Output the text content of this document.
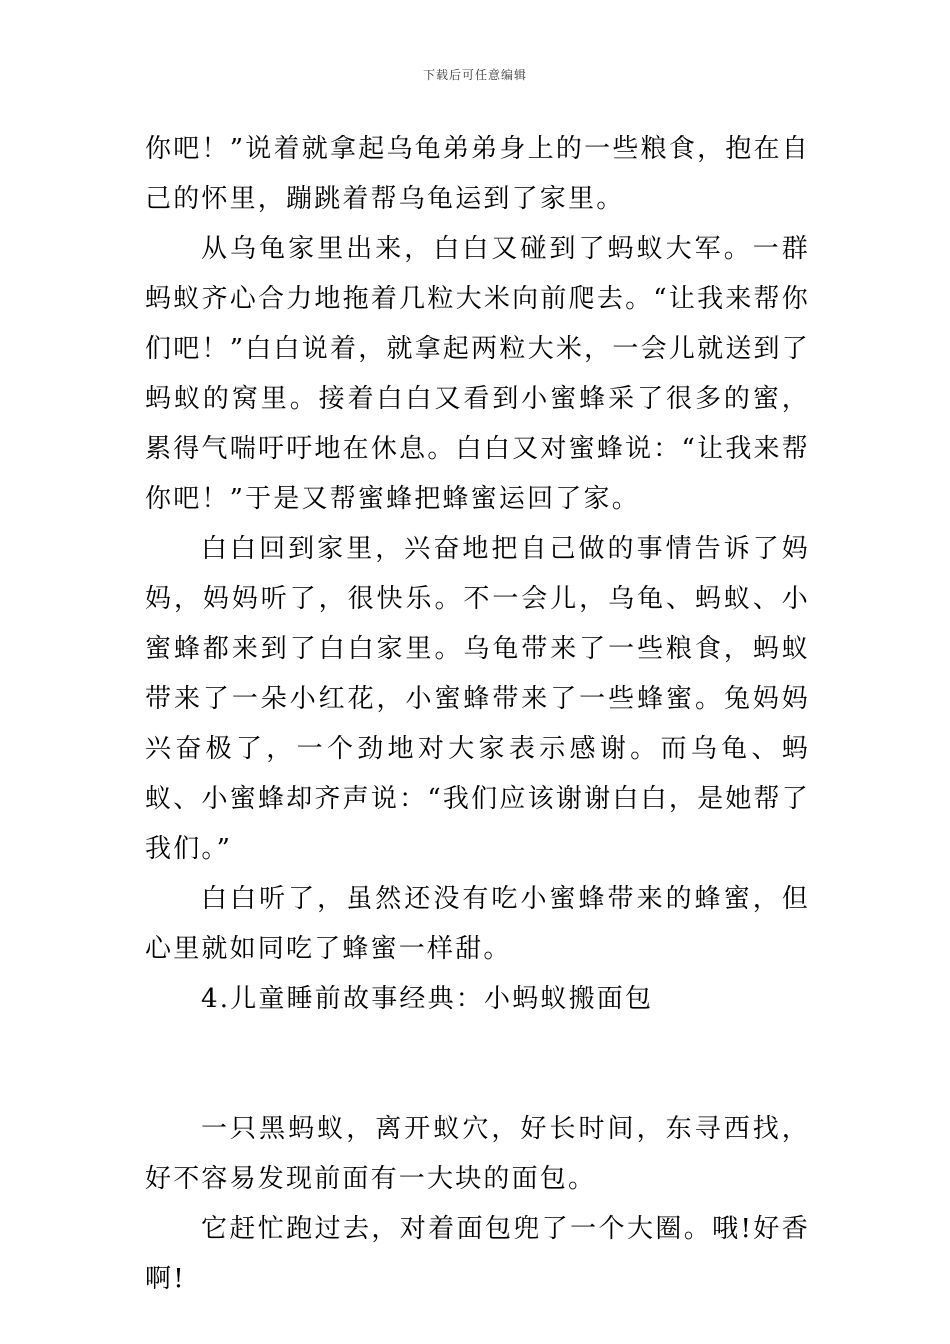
下载后可任意编辑

你吧！”说着就拿起乌龟弟弟身上的一些粮食，抱在自己的怀里，蹦跳着帮乌龟运到了家里。

从乌龟家里出来，白白又碰到了蚂蚁大军。一群蚂蚁齐心合力地拖着几粒大米向前爬去。“让我来帮你们吧！”白白说着，就拿起两粒大米，一会儿就送到了蚂蚁的窝里。接着白白又看到小蜜蜂采了很多的蜜，累得气喘吁吁地在休息。白白又对蜜蜂说：“让我来帮你吧！”于是又帮蜜蜂把蜂蜜运回了家。

白白回到家里，兴奋地把自己做的事情告诉了妈妈，妈妈听了，很快乐。不一会儿，乌龟、蚂蚁、小蜜蜂都来到了白白家里。乌龟带来了一些粮食，蚂蚁带来了一朵小红花，小蜜蜂带来了一些蜂蜜。兔妈妈兴奋极了，一个劲地对大家表示感谢。而乌龟、蚂蚁、小蜜蜂却齐声说：“我们应该谢谢白白，是她帮了我们。”

白白听了，虽然还没有吃小蜜蜂带来的蜂蜜，但心里就如同吃了蜂蜜一样甜。

4.儿童睡前故事经典：小蚂蚁搬面包

一只黑蚂蚁，离开蚁穴，好长时间，东寻西找，好不容易发现前面有一大块的面包。

它赶忙跑过去，对着面包兜了一个大圈。哦!好香啊!
